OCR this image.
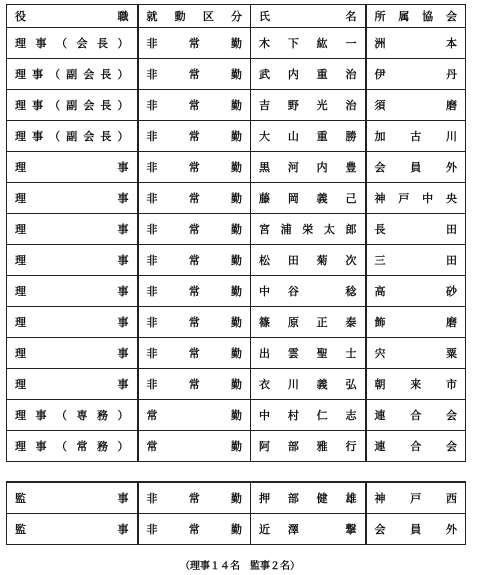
役　　　　　職	就 動 区 分	氏　　　　　名	所 属 協 会
理事（会長）	非常勤	木下紘一	洲　本
理事（副会長）	非常勤	武内重治	伊　丹
理事（副会長）	非常勤	吉野光治	須　磨
理事（副会長）	非常勤	大山重勝	加古川
理　事	非常勤	黒河内豊	会員外
理　事	非常勤	藤岡義己	神戸中央
理　事	非常勤	宮浦栄太郎	長　田
理　事	非常勤	松田菊次	三　田
理　事	非常勤	中谷　稔	高　砂
理　事	非常勤	篠原正泰	飾　磨
理　事	非常勤	出雲聖士	宍　粟
理　事	非常勤	衣川義弘	朝来市
理事（専務）	常　勤	中村仁志	連合会
理事（常務）	常　勤	阿部雅行	連合会
監　事	非常勤	押部健雄	神戸西
監　事	非常勤	近澤　撃	会員外
（理事１４名　監事２名）
